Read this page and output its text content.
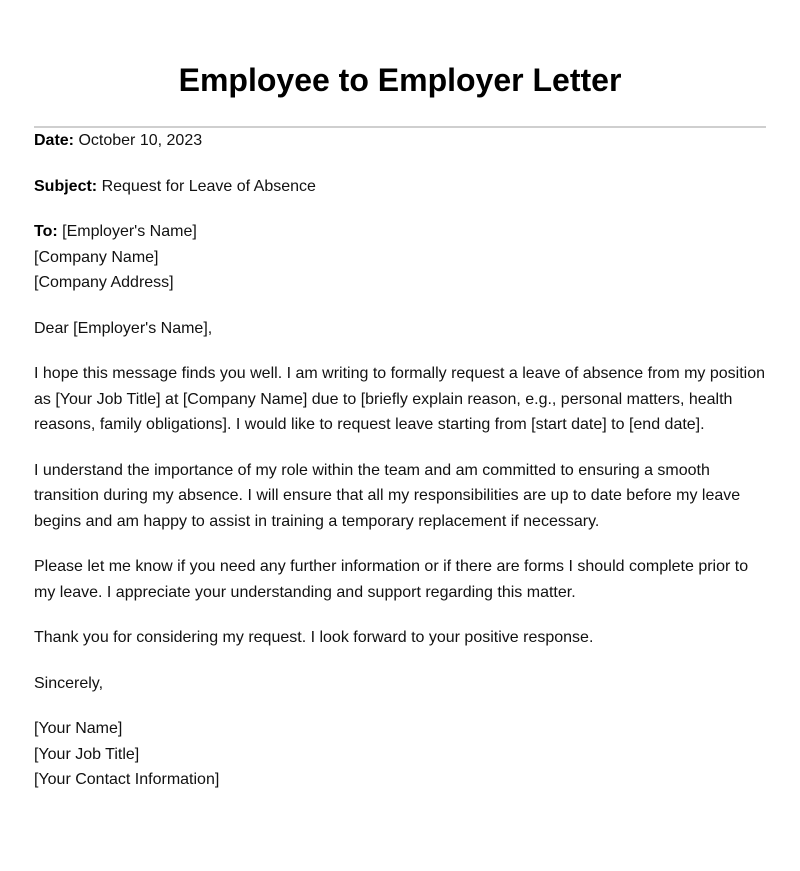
Employee to Employer Letter

Date: October 10, 2023

Subject: Request for Leave of Absence

To: [Employer's Name]
[Company Name]
[Company Address]

Dear [Employer's Name],

I hope this message finds you well. I am writing to formally request a leave of absence from my position as [Your Job Title] at [Company Name] due to [briefly explain reason, e.g., personal matters, health reasons, family obligations]. I would like to request leave starting from [start date] to [end date].

I understand the importance of my role within the team and am committed to ensuring a smooth transition during my absence. I will ensure that all my responsibilities are up to date before my leave begins and am happy to assist in training a temporary replacement if necessary.

Please let me know if you need any further information or if there are forms I should complete prior to my leave. I appreciate your understanding and support regarding this matter.

Thank you for considering my request. I look forward to your positive response.

Sincerely,

[Your Name]
[Your Job Title]
[Your Contact Information]
